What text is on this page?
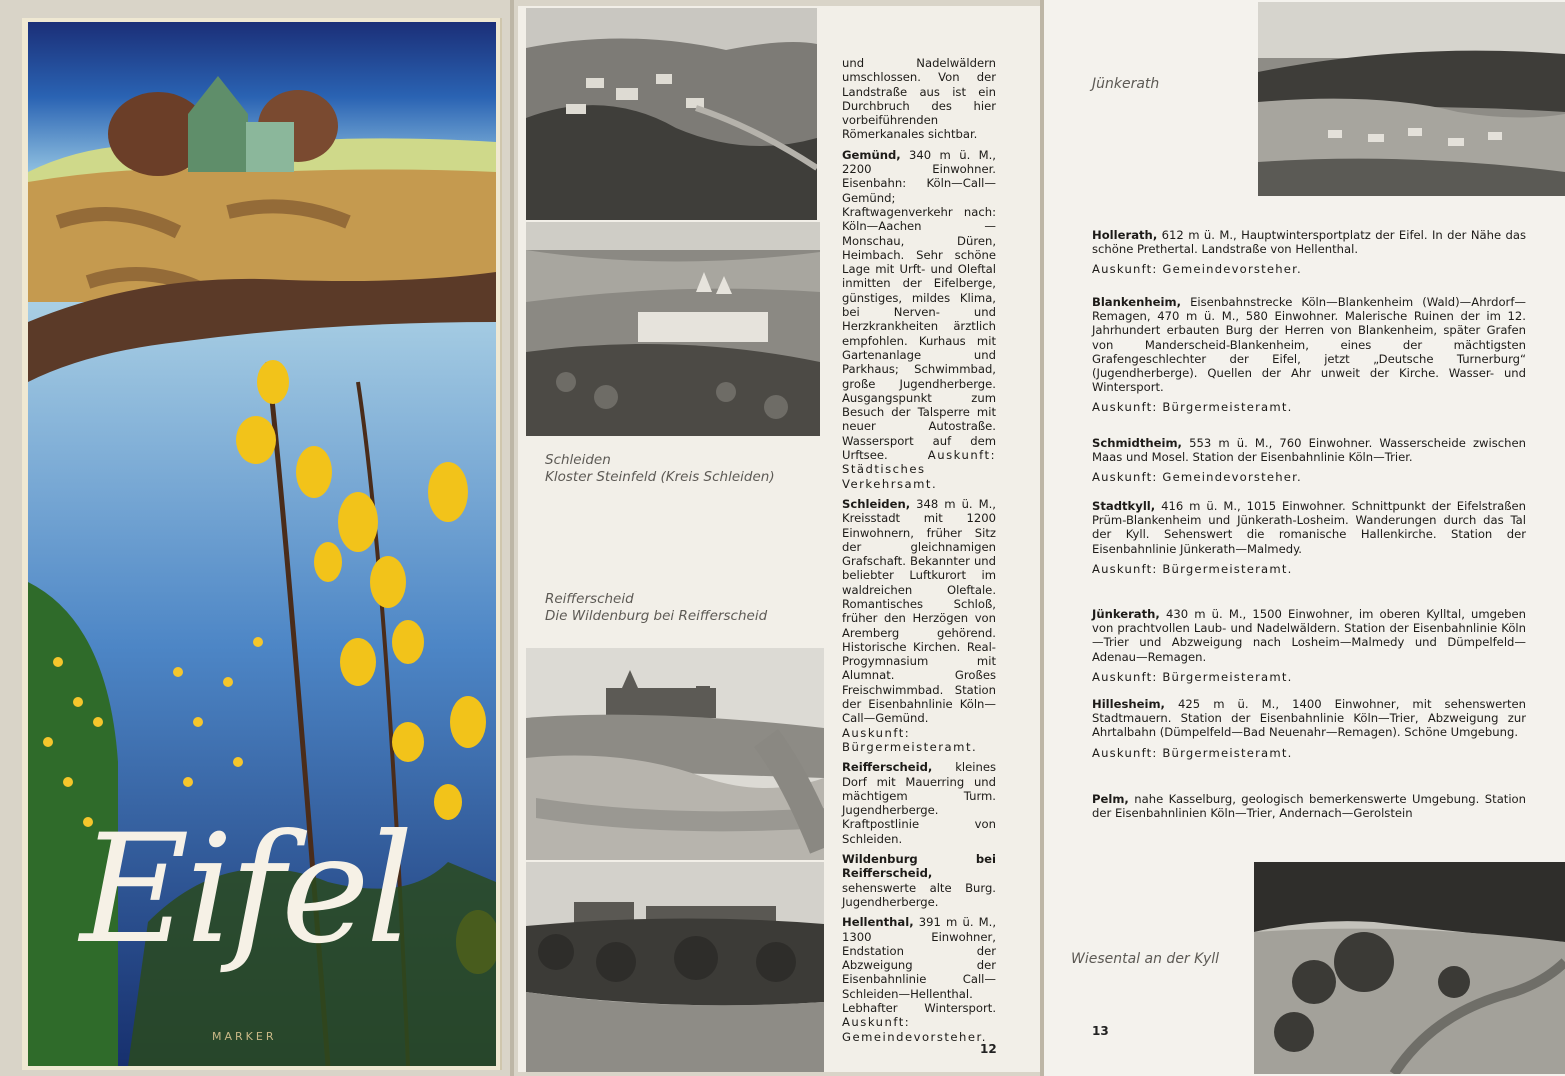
Eifel
MARKER
Schleiden
Kloster Steinfeld (Kreis Schleiden)
Reifferscheid
Die Wildenburg bei Reifferscheid

und Nadelwäldern umschlossen. Von der Landstraße aus ist ein Durchbruch des hier vorbeiführenden Römerkanales sichtbar.

Gemünd, 340 m ü. M., 2200 Einwohner. Eisenbahn: Köln—Call—Gemünd; Kraftwagenverkehr nach: Köln—Aachen — Monschau, Düren, Heimbach. Sehr schöne Lage mit Urft- und Oleftal inmitten der Eifelberge, günstiges, mildes Klima, bei Nerven- und Herzkrankheiten ärztlich empfohlen. Kurhaus mit Gartenanlage und Parkhaus; Schwimmbad, große Jugendherberge. Ausgangspunkt zum Besuch der Talsperre mit neuer Autostraße. Wassersport auf dem Urftsee.	Auskunft: Städtisches Verkehrsamt.

Schleiden, 348 m ü. M., Kreisstadt mit 1200 Einwohnern, früher Sitz der gleichnamigen Grafschaft. Bekannter und beliebter Luftkurort im waldreichen Oleftale. Romantisches Schloß, früher den Herzögen von Aremberg gehörend. Historische Kirchen. Real-Progymnasium mit Alumnat. Großes Freischwimmbad. Station der Eisenbahnlinie Köln—Call—Gemünd. Auskunft: Bürgermeisteramt.

Reifferscheid, kleines Dorf mit Mauerring und mächtigem Turm. Jugendherberge. Kraftpostlinie von Schleiden.

Wildenburg bei Reifferscheid, sehenswerte alte Burg. Jugendherberge.

Hellenthal, 391 m ü. M., 1300 Einwohner, Endstation der Abzweigung der Eisenbahnlinie Call—Schleiden—Hellenthal. Lebhafter Wintersport. Auskunft: Gemeindevorsteher.

12
Jünkerath
Hollerath, 612 m ü. M., Hauptwintersportplatz der Eifel. In der Nähe das schöne Prethertal. Landstraße von Hellenthal.
Auskunft: Gemeindevorsteher.
Blankenheim, Eisenbahnstrecke Köln—Blankenheim (Wald)—Ahrdorf—Remagen, 470 m ü. M., 580 Einwohner. Malerische Ruinen der im 12. Jahrhundert erbauten Burg der Herren von Blankenheim, später Grafen von Manderscheid-Blankenheim, eines der mächtigsten Grafengeschlechter der Eifel, jetzt „Deutsche Turnerburg“ (Jugendherberge). Quellen der Ahr unweit der Kirche. Wasser- und Wintersport.
Auskunft: Bürgermeisteramt.
Schmidtheim, 553 m ü. M., 760 Einwohner. Wasserscheide zwischen Maas und Mosel. Station der Eisenbahnlinie Köln—Trier.
Auskunft: Gemeindevorsteher.
Stadtkyll, 416 m ü. M., 1015 Einwohner. Schnittpunkt der Eifelstraßen Prüm-Blankenheim und Jünkerath-Losheim. Wanderungen durch das Tal der Kyll. Sehenswert die romanische Hallenkirche. Station der Eisenbahnlinie Jünkerath—Malmedy.
Auskunft: Bürgermeisteramt.
Jünkerath, 430 m ü. M., 1500 Einwohner, im oberen Kylltal, umgeben von prachtvollen Laub- und Nadelwäldern. Station der Eisenbahnlinie Köln—Trier und Abzweigung nach Losheim—Malmedy und Dümpelfeld—Adenau—Remagen.
Auskunft: Bürgermeisteramt.
Hillesheim, 425 m ü. M., 1400 Einwohner, mit sehenswerten Stadtmauern. Station der Eisenbahnlinie Köln—Trier, Abzweigung zur Ahrtalbahn (Dümpelfeld—Bad Neuenahr—Remagen). Schöne Umgebung.
Auskunft: Bürgermeisteramt.
Pelm, nahe Kasselburg, geologisch bemerkenswerte Umgebung. Station der Eisenbahnlinien Köln—Trier, Andernach—Gerolstein
Wiesental an der Kyll
13
